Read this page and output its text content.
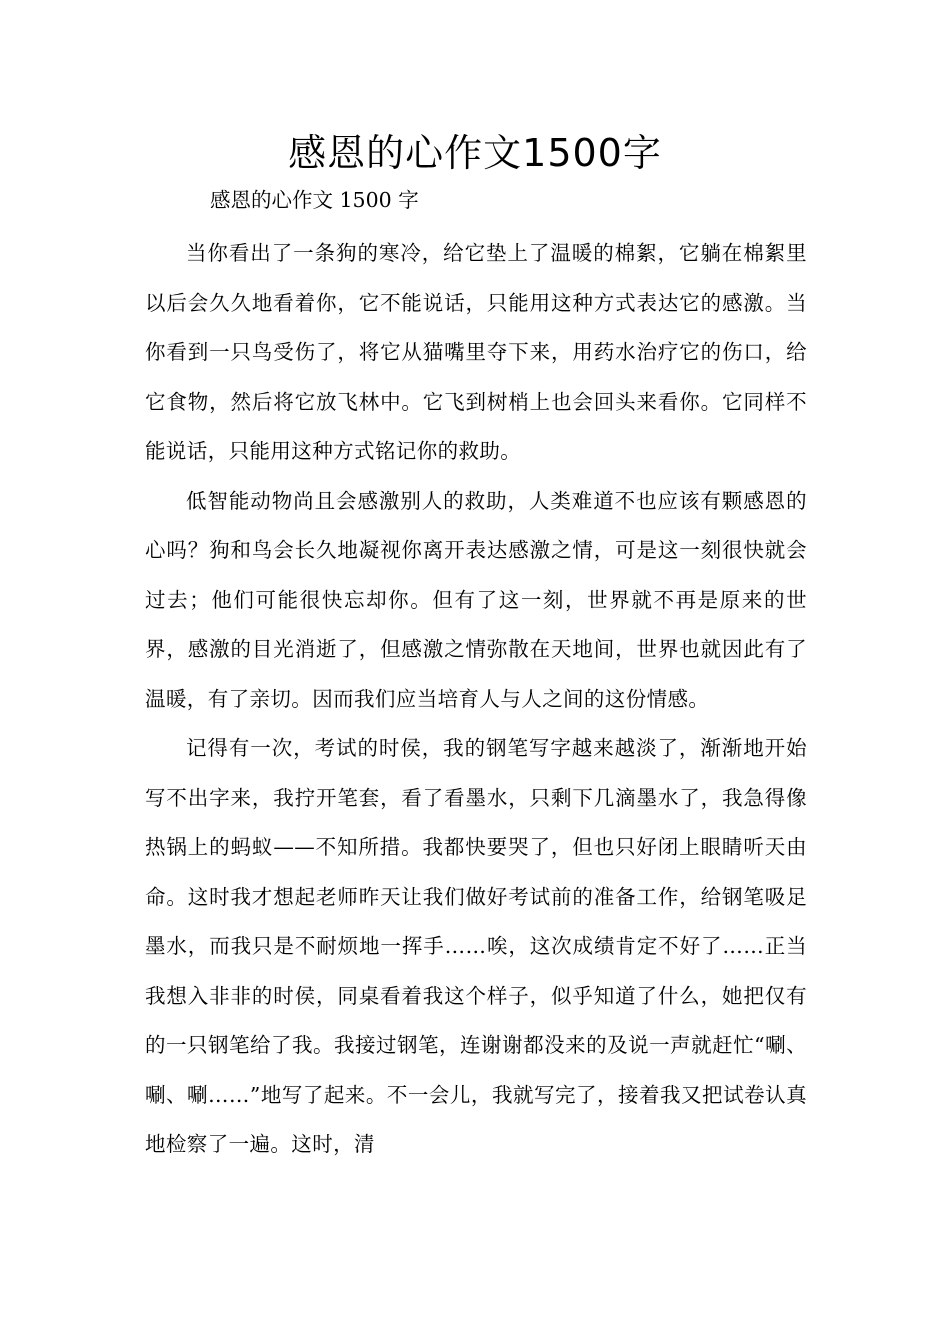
感恩的心作文1500字

感恩的心作文 1500 字

当你看出了一条狗的寒冷，给它垫上了温暖的棉絮，它躺在棉絮里以后会久久地看着你，它不能说话，只能用这种方式表达它的感激。当你看到一只鸟受伤了，将它从猫嘴里夺下来，用药水治疗它的伤口，给它食物，然后将它放飞林中。它飞到树梢上也会回头来看你。它同样不能说话，只能用这种方式铭记你的救助。

低智能动物尚且会感激别人的救助，人类难道不也应该有颗感恩的心吗？狗和鸟会长久地凝视你离开表达感激之情，可是这一刻很快就会过去；他们可能很快忘却你。但有了这一刻，世界就不再是原来的世界，感激的目光消逝了，但感激之情弥散在天地间，世界也就因此有了温暖，有了亲切。因而我们应当培育人与人之间的这份情感。

记得有一次，考试的时侯，我的钢笔写字越来越淡了，渐渐地开始写不出字来，我拧开笔套，看了看墨水，只剩下几滴墨水了，我急得像热锅上的蚂蚁——不知所措。我都快要哭了，但也只好闭上眼睛听天由命。这时我才想起老师昨天让我们做好考试前的准备工作，给钢笔吸足墨水，而我只是不耐烦地一挥手……唉，这次成绩肯定不好了……正当我想入非非的时侯，同桌看着我这个样子，似乎知道了什么，她把仅有的一只钢笔给了我。我接过钢笔，连谢谢都没来的及说一声就赶忙“唰、唰、唰……”地写了起来。不一会儿，我就写完了，接着我又把试卷认真地检察了一遍。这时，清
